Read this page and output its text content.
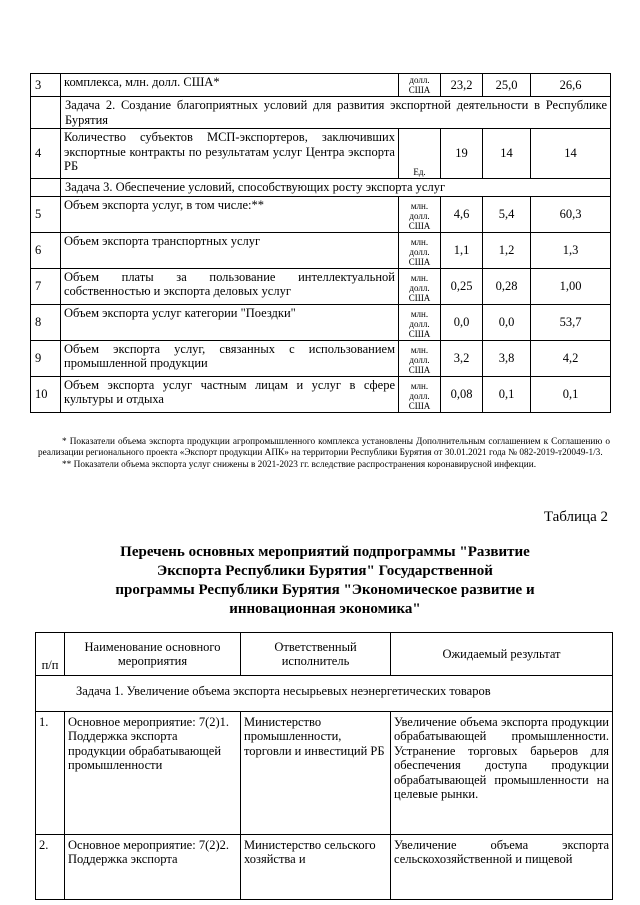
3	комплекса, млн. долл. США*	долл. США	23,2	25,0	26,6
	Задача 2. Создание благоприятных условий для развития экспортной деятельности в Республике Бурятия				
4	Количество субъектов МСП-экспортеров, заключивших экспортные контракты по результатам услуг Центра экспорта РБ	Ед.	19	14	14
	Задача 3. Обеспечение условий, способствующих росту экспорта услуг				
5	Объем экспорта услуг, в том числе:**	млн. долл. США	4,6	5,4	60,3
6	Объем экспорта транспортных услуг	млн. долл. США	1,1	1,2	1,3
7	Объем платы за пользование интеллектуальной собственностью и экспорта деловых услуг	млн. долл. США	0,25	0,28	1,00
8	Объем экспорта услуг категории "Поездки"	млн. долл. США	0,0	0,0	53,7
9	Объем экспорта услуг, связанных с использованием промышленной продукции	млн. долл. США	3,2	3,8	4,2
10	Объем экспорта услуг частным лицам и услуг в сфере культуры и отдыха	млн. долл. США	0,08	0,1	0,1

* Показатели объема экспорта продукции агропромышленного комплекса установлены Дополнительным соглашением к Соглашению о реализации регионального проекта «Экспорт продукции АПК» на территории Республики Бурятия от 30.01.2021 года № 082-2019-т20049-1/3.

** Показатели объема экспорта услуг снижены в 2021-2023 гг. вследствие распространения коронавирусной инфекции.

Таблица 2
Перечень основных мероприятий подпрограммы "Развитие
Экспорта Республики Бурятия" Государственной
программы Республики Бурятия "Экономическое развитие и
инновационная экономика"
п/п	Наименование основного мероприятия	Ответственный исполнитель	Ожидаемый результат
Задача 1. Увеличение объема экспорта несырьевых неэнергетических товаров			
1.	Основное мероприятие: 7(2)1. Поддержка экспорта продукции обрабатывающей промышленности	Министерство промышленности, торговли и инвестиций РБ	Увеличение объема экспорта продукции обрабатывающей промышленности. Устранение торговых барьеров для обеспечения доступа продукции обрабатывающей промышленности на целевые рынки.
2.	Основное мероприятие: 7(2)2. Поддержка экспорта	Министерство сельского хозяйства и	Увеличение объема экспорта сельскохозяйственной и пищевой
